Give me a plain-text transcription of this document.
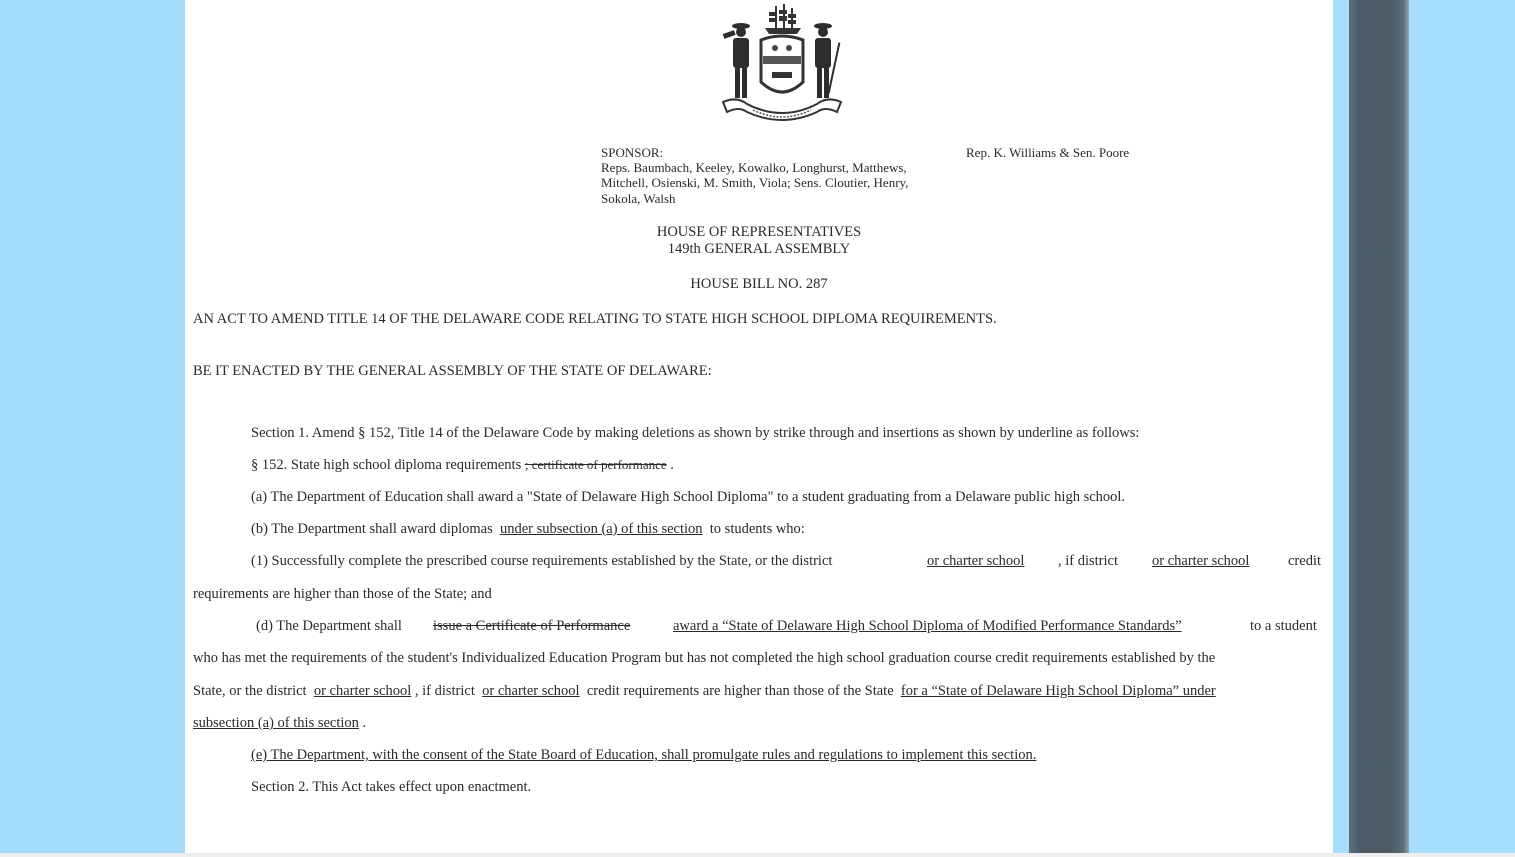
SPONSOR:
Reps. Baumbach, Keeley, Kowalko, Longhurst, Matthews,
Mitchell, Osienski, M. Smith, Viola; Sens. Cloutier, Henry,
Sokola, Walsh
Rep. K. Williams & Sen. Poore
HOUSE OF REPRESENTATIVES
149th GENERAL ASSEMBLY
HOUSE BILL NO. 287
AN ACT TO AMEND TITLE 14 OF THE DELAWARE CODE RELATING TO STATE HIGH SCHOOL DIPLOMA REQUIREMENTS.
BE IT ENACTED BY THE GENERAL ASSEMBLY OF THE STATE OF DELAWARE:
Section 1. Amend § 152, Title 14 of the Delaware Code by making deletions as shown by strike through and insertions as shown by underline as follows:
§ 152. State high school diploma requirements ; certificate of performance .
(a) The Department of Education shall award a "State of Delaware High School Diploma" to a student graduating from a Delaware public high school.
(b) The Department shall award diplomas under subsection (a) of this section to students who:
(1) Successfully complete the prescribed course requirements established by the State, or the district	or charter school , if district or charter school	credit
requirements are higher than those of the State; and
(d) The Department shall issue a Certificate of Performance	award a “State of Delaware High School Diploma of Modified Performance Standards”	to a student
who has met the requirements of the student's Individualized Education Program but has not completed the high school graduation course credit requirements established by the
State, or the district or charter school , if district or charter school credit requirements are higher than those of the State for a “State of Delaware High School Diploma” under
subsection (a) of this section .
(e) The Department, with the consent of the State Board of Education, shall promulgate rules and regulations to implement this section.
Section 2. This Act takes effect upon enactment.
